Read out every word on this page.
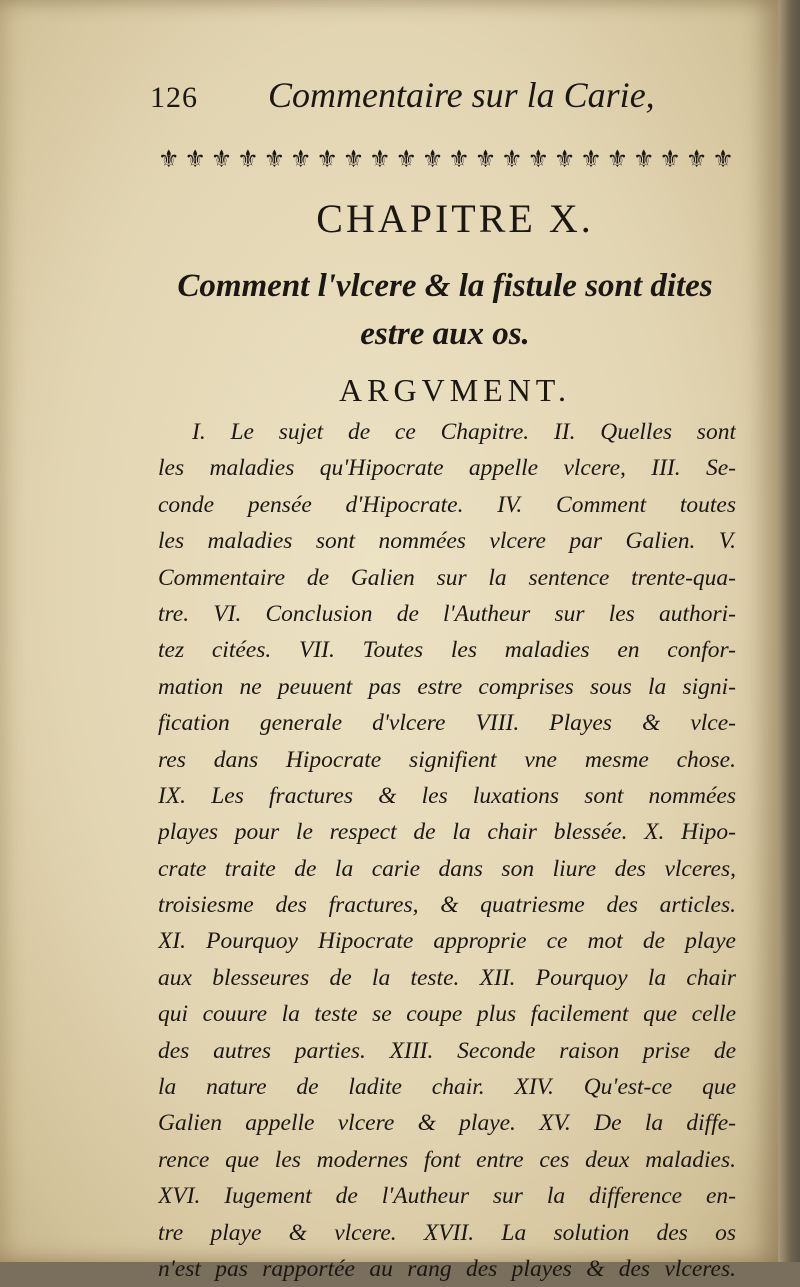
126 Commentaire sur la Carie,
⚜ ⚜ ⚜ ⚜ ⚜ ⚜ ⚜ ⚜ ⚜ ⚜ ⚜ ⚜ ⚜ ⚜ ⚜ ⚜ ⚜ ⚜ ⚜ ⚜ ⚜ ⚜
CHAPITRE X.
Comment l'vlcere & la fistule sont dites
estre aux os.
ARGVMENT.
I. Le sujet de ce Chapitre. II. Quelles sont
les maladies qu'Hipocrate appelle vlcere, III. Se-
conde pensée d'Hipocrate. IV. Comment toutes
les maladies sont nommées vlcere par Galien. V.
Commentaire de Galien sur la sentence trente-qua-
tre. VI. Conclusion de l'Autheur sur les authori-
tez citées. VII. Toutes les maladies en confor-
mation ne peuuent pas estre comprises sous la signi-
fication generale d'vlcere VIII. Playes & vlce-
res dans Hipocrate signifient vne mesme chose.
IX. Les fractures & les luxations sont nommées
playes pour le respect de la chair blessée. X. Hipo-
crate traite de la carie dans son liure des vlceres,
troisiesme des fractures, & quatriesme des articles.
XI. Pourquoy Hipocrate approprie ce mot de playe
aux blesseures de la teste. XII. Pourquoy la chair
qui couure la teste se coupe plus facilement que celle
des autres parties. XIII. Seconde raison prise de
la nature de ladite chair. XIV. Qu'est-ce que
Galien appelle vlcere & playe. XV. De la diffe-
rence que les modernes font entre ces deux maladies.
XVI. Iugement de l'Autheur sur la difference en-
tre playe & vlcere. XVII. La solution des os
n'est pas rapportée au rang des playes & des vlceres.
